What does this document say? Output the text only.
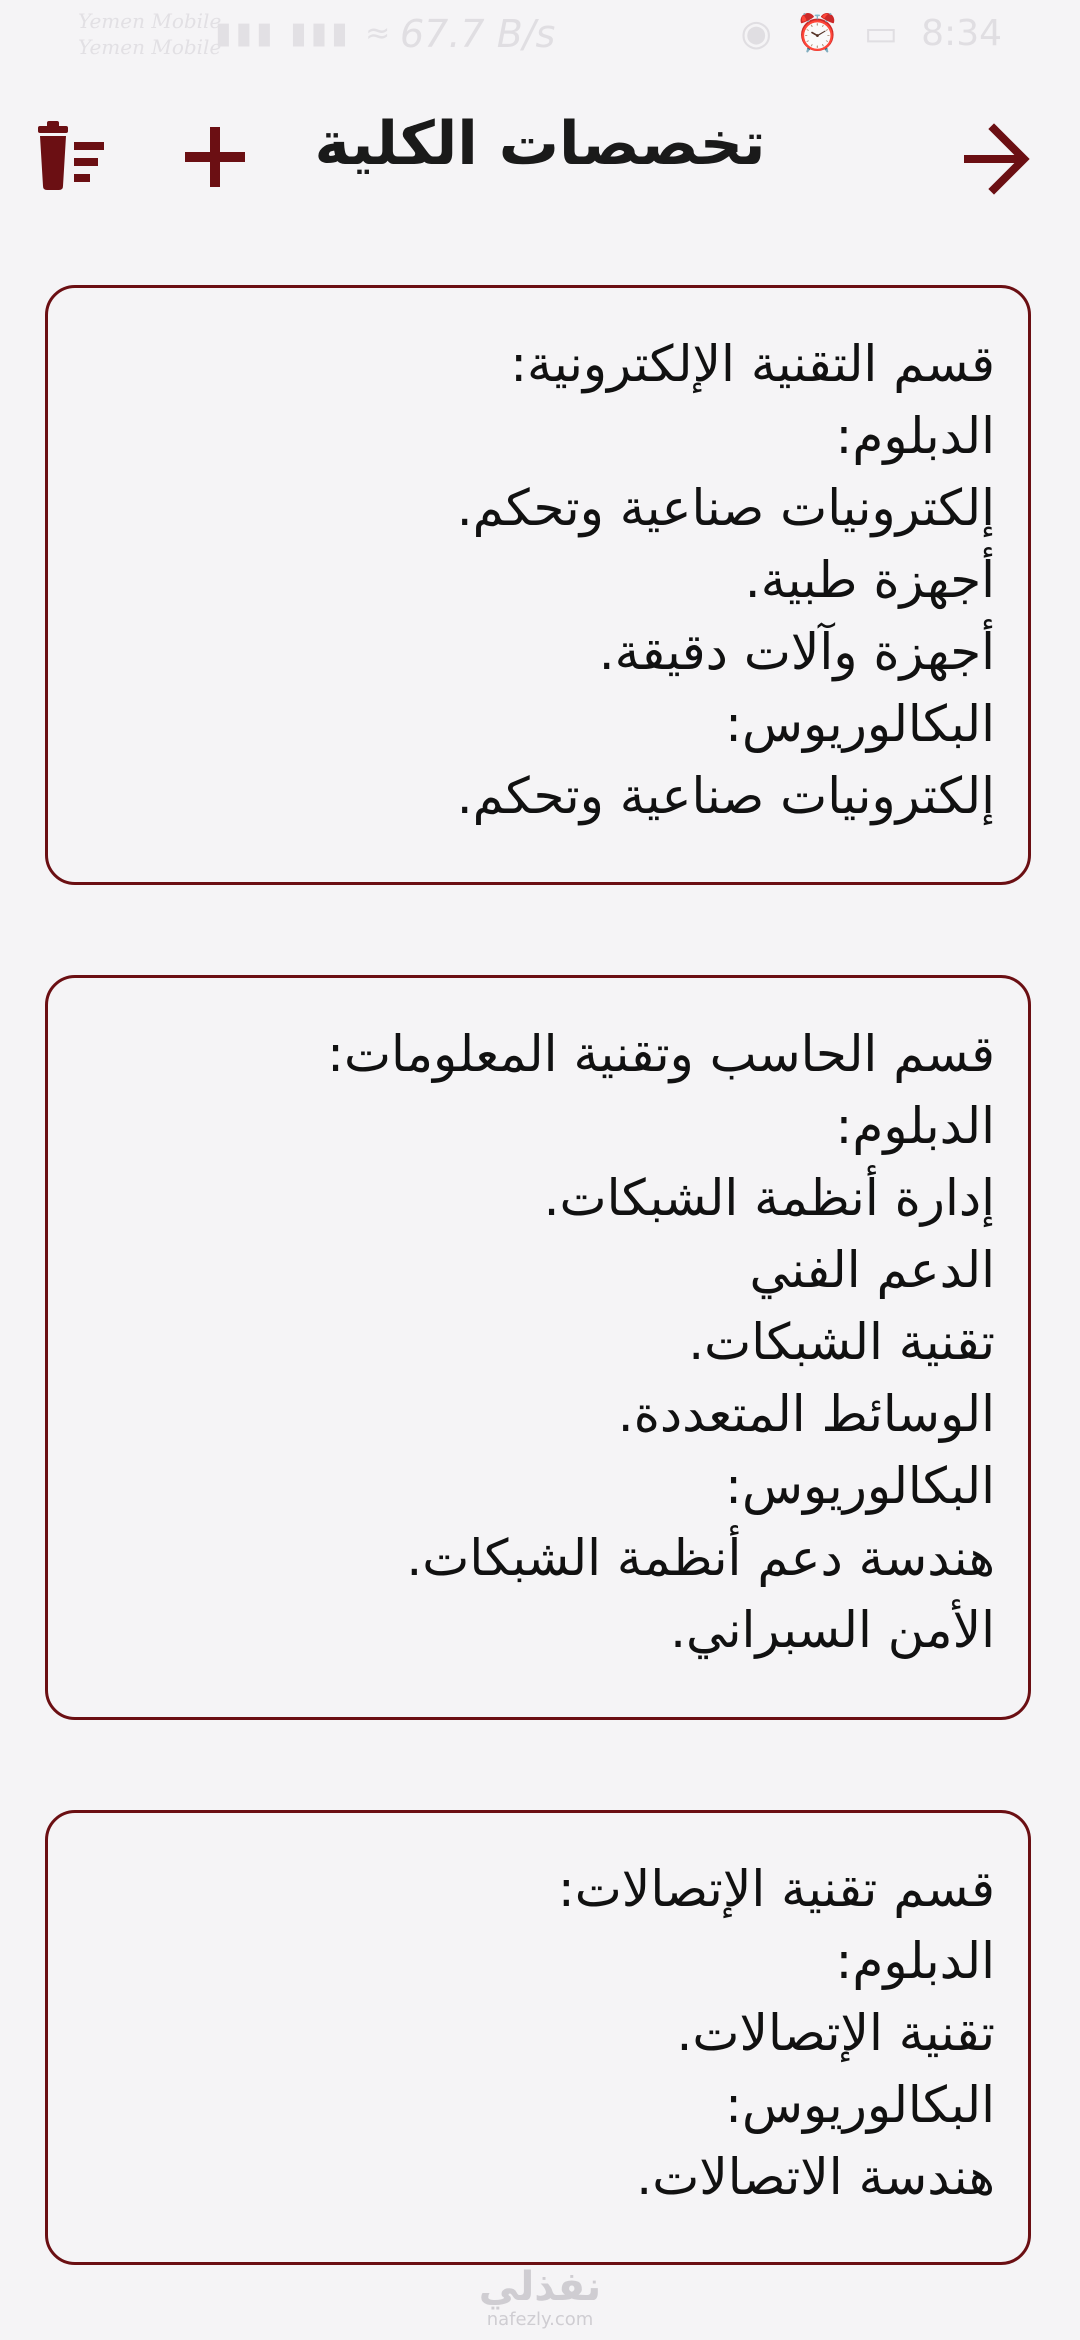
Yemen Mobile
Yemen Mobile
▮▮▮ ▮▮▮ ≈ 67.7 B/s	◉ ⏰ ▭ 8:34
تخصصات الكلية
قسم التقنية الإلكترونية:
الدبلوم:
إلكترونيات صناعية وتحكم.
أجهزة طبية.
أجهزة وآلات دقيقة.
البكالوريوس:
إلكترونيات صناعية وتحكم.
قسم الحاسب وتقنية المعلومات:
الدبلوم:
إدارة أنظمة الشبكات.
الدعم الفني
تقنية الشبكات.
الوسائط المتعددة.
البكالوريوس:
هندسة دعم أنظمة الشبكات.
الأمن السبراني.
قسم تقنية الإتصالات:
الدبلوم:
تقنية الإتصالات.
البكالوريوس:
هندسة الاتصالات.
نفذلي
nafezly.com
